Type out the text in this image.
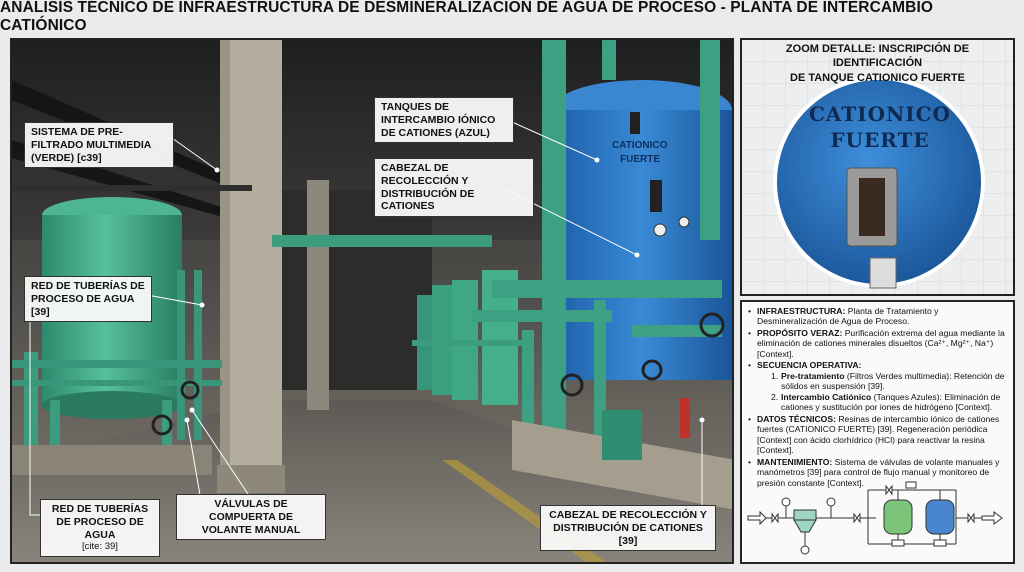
ANÁLISIS TÉCNICO DE INFRAESTRUCTURA DE DESMINERALIZACIÓN DE AGUA DE PROCESO - PLANTA DE INTERCAMBIO CATIÓNICO
CATIONICO
FUERTE
SISTEMA DE PRE-FILTRADO MULTIMEDIA (VERDE) [c39]
TANQUES DE INTERCAMBIO IÓNICO DE CATIONES (AZUL)
CABEZAL DE RECOLECCIÓN Y DISTRIBUCIÓN DE CATIONES
RED DE TUBERÍAS DE PROCESO DE AGUA [39]
RED DE TUBERÍAS DE PROCESO DE AGUA
[cite: 39]
VÁLVULAS DE COMPUERTA DE VOLANTE MANUAL
CABEZAL DE RECOLECCIÓN Y DISTRIBUCIÓN DE CATIONES [39]
ZOOM DETALLE: INSCRIPCIÓN DE IDENTIFICACIÓN
DE TANQUE CATIONICO FUERTE
CATIONICO
FUERTE
• INFRAESTRUCTURA: Planta de Tratamiento y Desmineralización de Agua de Proceso.
• PROPÓSITO VERAZ: Purificación extrema del agua mediante la eliminación de cationes minerales disueltos (Ca²⁺, Mg²⁺, Na⁺) [Context].
• SECUENCIA OPERATIVA:
1. Pre-tratamiento (Filtros Verdes multimedia): Retención de sólidos en suspensión [39].
2. Intercambio Catiónico (Tanques Azules): Eliminación de cationes y sustitución por iones de hidrógeno [Context].
• DATOS TÉCNICOS: Resinas de intercambio iónico de cationes fuertes (CATIONICO FUERTE) [39]. Regeneración periódica [Context] con ácido clorhídrico (HCl) para reactivar la resina [Context].
• MANTENIMIENTO: Sistema de válvulas de volante manuales y manómetros [39] para control de flujo manual y monitoreo de presión constante [Context].
